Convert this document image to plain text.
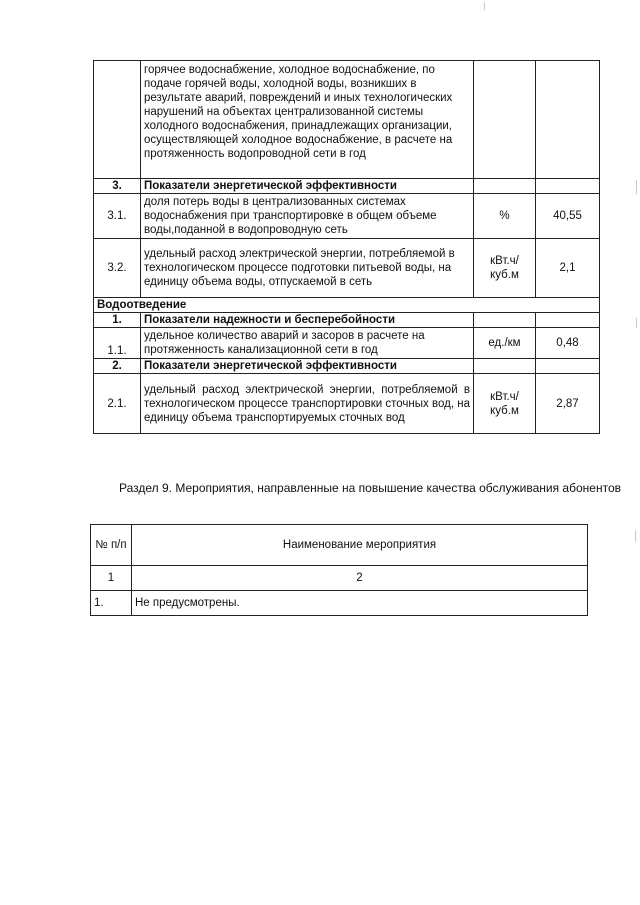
	горячее водоснабжение, холодное водоснабжение, по подаче горячей воды, холодной воды, возникших в результате аварий, повреждений и иных технологических нарушений на объектах централизованной системы холодного водоснабжения, принадлежащих организации, осуществляющей холодное водоснабжение, в расчете на протяженность водопроводной сети в год		

3.	Показатели энергетической эффективности		
3.1.	доля потерь воды в централизованных системах водоснабжения при транспортировке в общем объеме воды,поданной в водопроводную сеть	%	40,55
3.2.	удельный расход электрической энергии, потребляемой в технологическом процессе подготовки питьевой воды, на единицу объема воды, отпускаемой в сеть	кВт.ч/ куб.м	2,1
Водоотведение			
1.	Показатели надежности и бесперебойности		
1.1.	удельное количество аварий и засоров в расчете на протяженность канализационной сети в год	ед./км	0,48
2.	Показатели энергетической эффективности		
2.1.	удельный расход электрической энергии, потребляемой в технологическом процессе транспортировки сточных вод, на единицу объема транспортируемых сточных вод	кВт.ч/ куб.м	2,87
Раздел 9. Мероприятия, направленные на повышение качества обслуживания абонентов
№ п/п	Наименование мероприятия
1	2
1.	Не предусмотрены.
